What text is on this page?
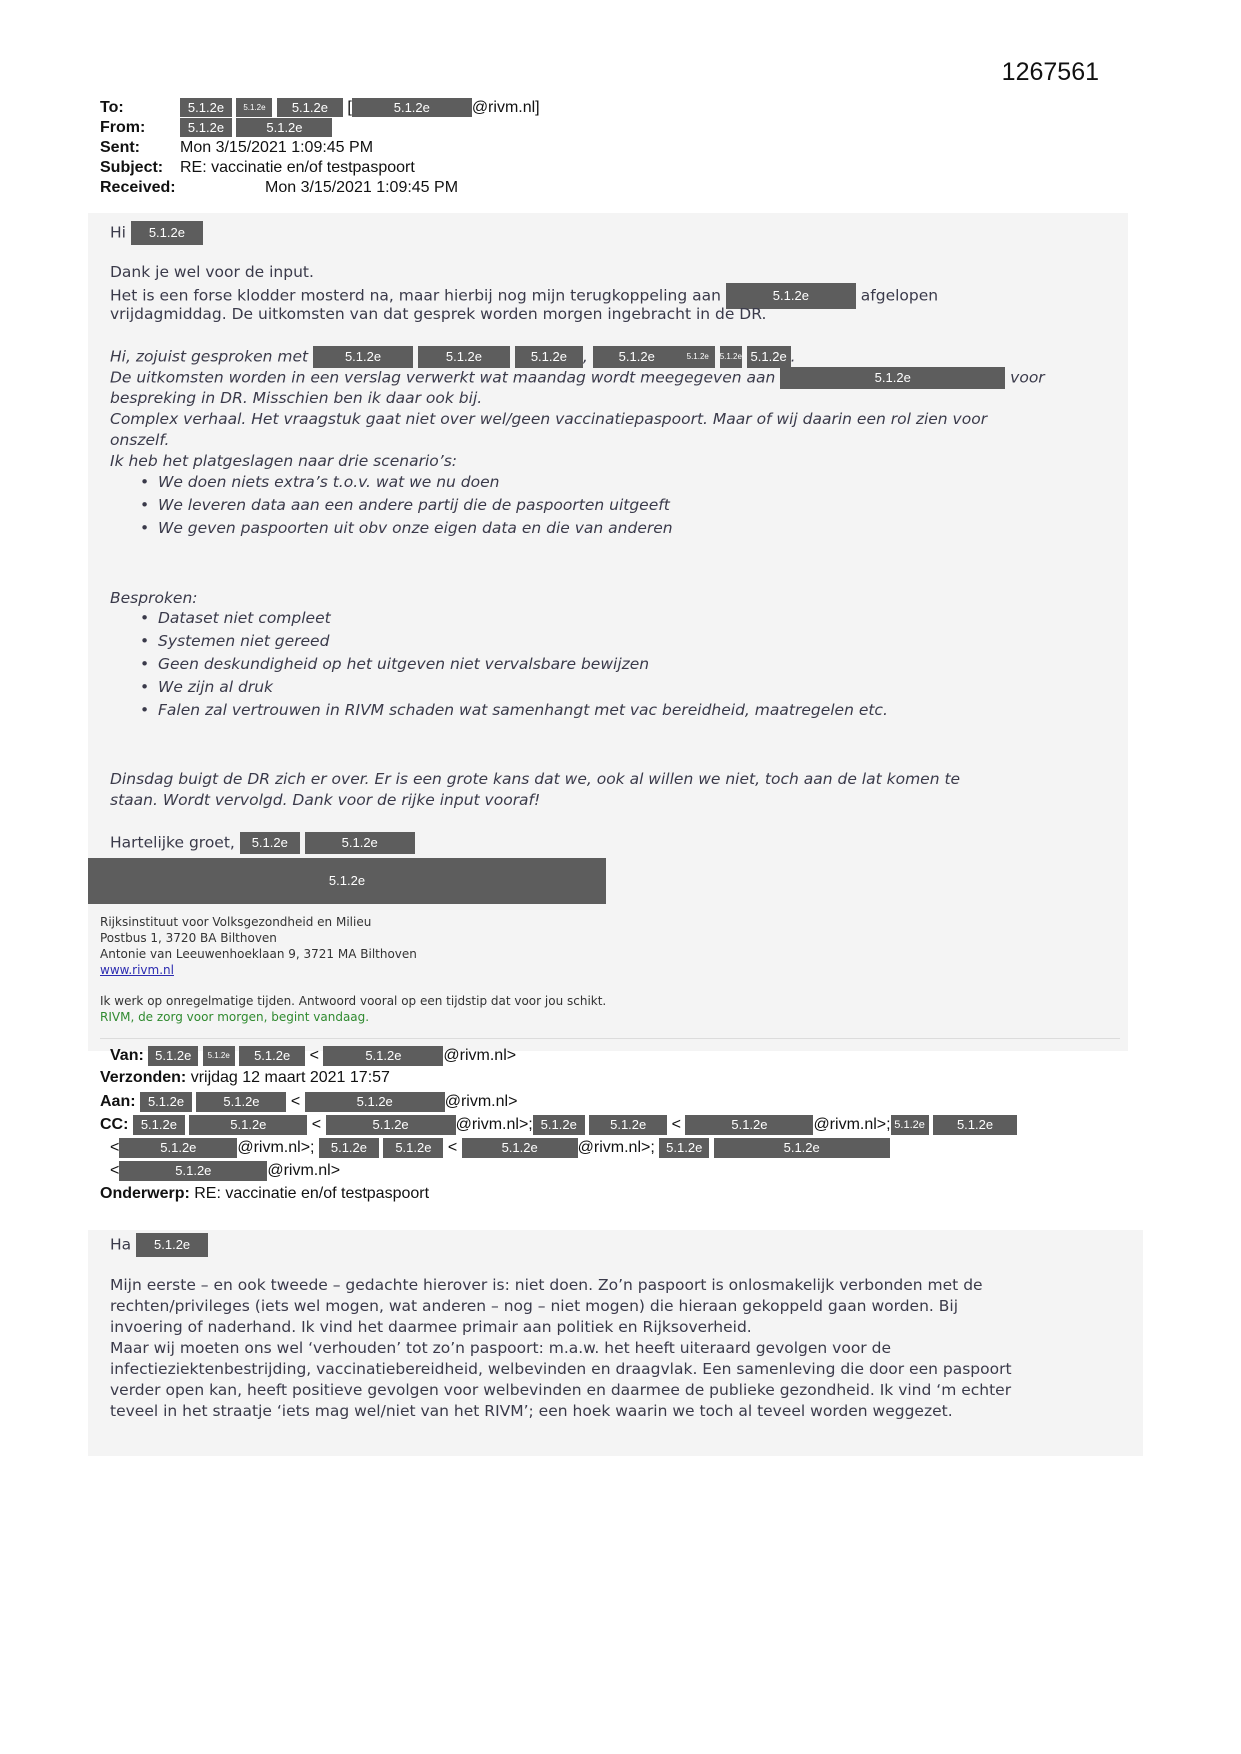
1267561
To:	5.1.2e 5.1.2e 5.1.2e [	5.1.2e	@rivm.nl]
From:	5.1.2e	5.1.2e
Sent:	Mon 3/15/2021 1:09:45 PM
Subject: RE: vaccinatie en/of testpaspoort
Received:	Mon 3/15/2021 1:09:45 PM
Hi 5.1.2e
Dank je wel voor de input.
Het is een forse klodder mosterd na, maar hierbij nog mijn terugkoppeling aan	5.1.2e	afgelopen
vrijdagmiddag. De uitkomsten van dat gesprek worden morgen ingebracht in de DR.
Hi, zojuist gesproken met	5.1.2e	5.1.2e	5.1.2e , 5.1.2e	5.1.2e 5.1.2e 5.1.2e .
De uitkomsten worden in een verslag verwerkt wat maandag wordt meegegeven aan	5.1.2e	voor
bespreking in DR. Misschien ben ik daar ook bij.
Complex verhaal. Het vraagstuk gaat niet over wel/geen vaccinatiepaspoort. Maar of wij daarin een rol zien voor
onszelf.
Ik heb het platgeslagen naar drie scenario’s:
• We doen niets extra’s t.o.v. wat we nu doen
• We leveren data aan een andere partij die de paspoorten uitgeeft
• We geven paspoorten uit obv onze eigen data en die van anderen
Besproken:
• Dataset niet compleet
• Systemen niet gereed
• Geen deskundigheid op het uitgeven niet vervalsbare bewijzen
• We zijn al druk
• Falen zal vertrouwen in RIVM schaden wat samenhangt met vac bereidheid, maatregelen etc.
Dinsdag buigt de DR zich er over. Er is een grote kans dat we, ook al willen we niet, toch aan de lat komen te
staan. Wordt vervolgd. Dank voor de rijke input vooraf!
Hartelijke groet, 5.1.2e	5.1.2e
5.1.2e
Rijksinstituut voor Volksgezondheid en Milieu
Postbus 1, 3720 BA Bilthoven
Antonie van Leeuwenhoeklaan 9, 3721 MA Bilthoven
www.rivm.nl
Ik werk op onregelmatige tijden. Antwoord vooral op een tijdstip dat voor jou schikt.
RIVM, de zorg voor morgen, begint vandaag.
Van: 5.1.2e 5.1.2e 5.1.2e <	5.1.2e	@rivm.nl>
Verzonden: vrijdag 12 maart 2021 17:57
Aan: 5.1.2e	5.1.2e <	5.1.2e	@rivm.nl>
CC: 5.1.2e	5.1.2e	<	5.1.2e	@rivm.nl>; 5.1.2e	5.1.2e <	5.1.2e	@rivm.nl>; 5.1.2e 5.1.2e
<	5.1.2e	@rivm.nl>; 5.1.2e 5.1.2e <	5.1.2e @rivm.nl>; 5.1.2e	5.1.2e
<	5.1.2e	@rivm.nl>
Onderwerp: RE: vaccinatie en/of testpaspoort
Ha 5.1.2e
Mijn eerste – en ook tweede – gedachte hierover is: niet doen. Zo’n paspoort is onlosmakelijk verbonden met de
rechten/privileges (iets wel mogen, wat anderen – nog – niet mogen) die hieraan gekoppeld gaan worden. Bij
invoering of naderhand. Ik vind het daarmee primair aan politiek en Rijksoverheid.
Maar wij moeten ons wel ‘verhouden’ tot zo’n paspoort: m.a.w. het heeft uiteraard gevolgen voor de
infectieziektenbestrijding, vaccinatiebereidheid, welbevinden en draagvlak. Een samenleving die door een paspoort
verder open kan, heeft positieve gevolgen voor welbevinden en daarmee de publieke gezondheid. Ik vind ‘m echter
teveel in het straatje ‘iets mag wel/niet van het RIVM’; een hoek waarin we toch al teveel worden weggezet.
